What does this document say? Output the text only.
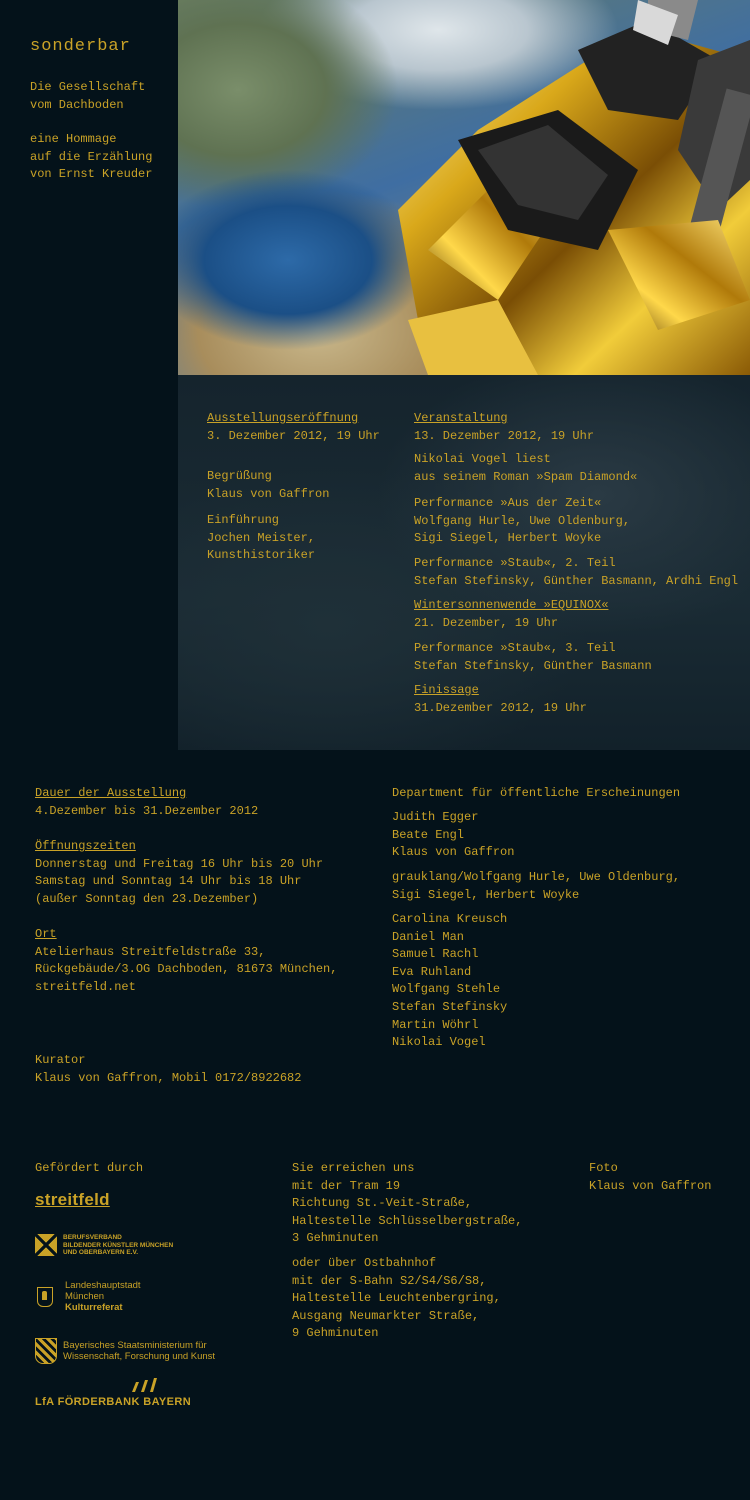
sonderbar
Die Gesellschaft
vom Dachboden
eine Hommage
auf die Erzählung
von Ernst Kreuder

Ausstellungseröffnung

3. Dezember 2012, 19 Uhr

Begrüßung

Klaus von Gaffron

Einführung

Jochen Meister,

Kunsthistoriker

Veranstaltung

13. Dezember 2012, 19 Uhr

Nikolai Vogel liest

aus seinem Roman »Spam Diamond«

Performance »Aus der Zeit«

Wolfgang Hurle, Uwe Oldenburg,

Sigi Siegel, Herbert Woyke

Performance »Staub«, 2. Teil

Stefan Stefinsky, Günther Basmann, Ardhi Engl

Wintersonnenwende »EQUINOX«

21. Dezember, 19 Uhr

Performance »Staub«, 3. Teil

Stefan Stefinsky, Günther Basmann

Finissage

31.Dezember 2012, 19 Uhr

Dauer der Ausstellung

4.Dezember bis 31.Dezember 2012

Öffnungszeiten

Donnerstag und Freitag 16 Uhr bis 20 Uhr

Samstag und Sonntag 14 Uhr bis 18 Uhr

(außer Sonntag den 23.Dezember)

Ort

Atelierhaus Streitfeldstraße 33,

Rückgebäude/3.OG Dachboden, 81673 München,

streitfeld.net

Kurator

Klaus von Gaffron, Mobil 0172/8922682

Department für öffentliche Erscheinungen

Judith Egger

Beate Engl

Klaus von Gaffron

grauklang/Wolfgang Hurle, Uwe Oldenburg,

Sigi Siegel, Herbert Woyke

Carolina Kreusch

Daniel Man

Samuel Rachl

Eva Ruhland

Wolfgang Stehle

Stefan Stefinsky

Martin Wöhrl

Nikolai Vogel

Gefördert durch
streitfeld
BERUFSVERBAND
BILDENDER KÜNSTLER MÜNCHEN
UND OBERBAYERN E.V.
Landeshauptstadt
München
Kulturreferat
Bayerisches Staatsministerium für
Wissenschaft, Forschung und Kunst
LfA FÖRDERBANK BAYERN

Sie erreichen uns

mit der Tram 19

Richtung St.-Veit-Straße,

Haltestelle Schlüsselbergstraße,

3 Gehminuten

oder über Ostbahnhof

mit der S-Bahn S2/S4/S6/S8,

Haltestelle Leuchtenbergring,

Ausgang Neumarkter Straße,

9 Gehminuten

Foto

Klaus von Gaffron
